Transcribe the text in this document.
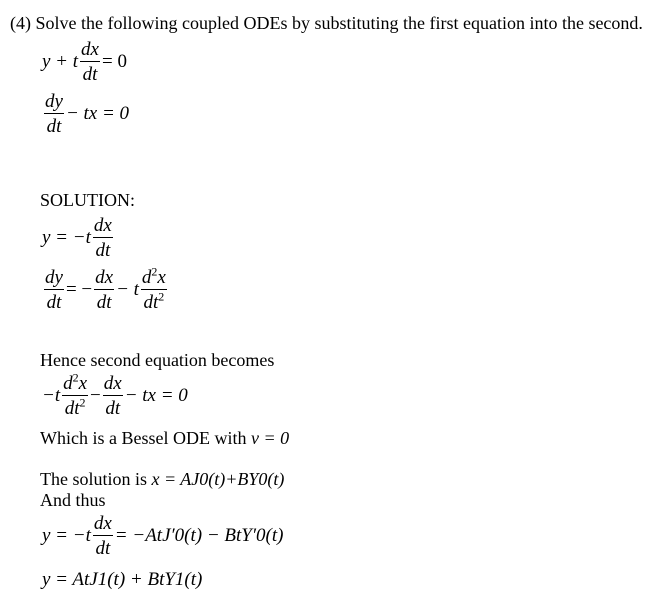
(4) Solve the following coupled ODEs by substituting the first equation into the second.
y + t $\frac{dx}{dt} = 0$
$\frac{dy}{dt}$ − tx = 0
SOLUTION:
$y = -t \frac{dx}{dt}$
$\frac{dy}{dt}$ = − $\frac{dx}{dt} - t \frac{d^2x}{dt^2}$
Hence second equation becomes
$-t \frac{d^2x}{dt^2} - \frac{dx}{dt}$ − tx = 0
Which is a Bessel ODE with v = 0
The solution is x = AJ0(t)+BY0(t)
And thus
$y = -t \frac{dx}{dt} = -AtJ'0(t) - BtY'0(t)$
y = AtJ1(t) + BtY1(t)
